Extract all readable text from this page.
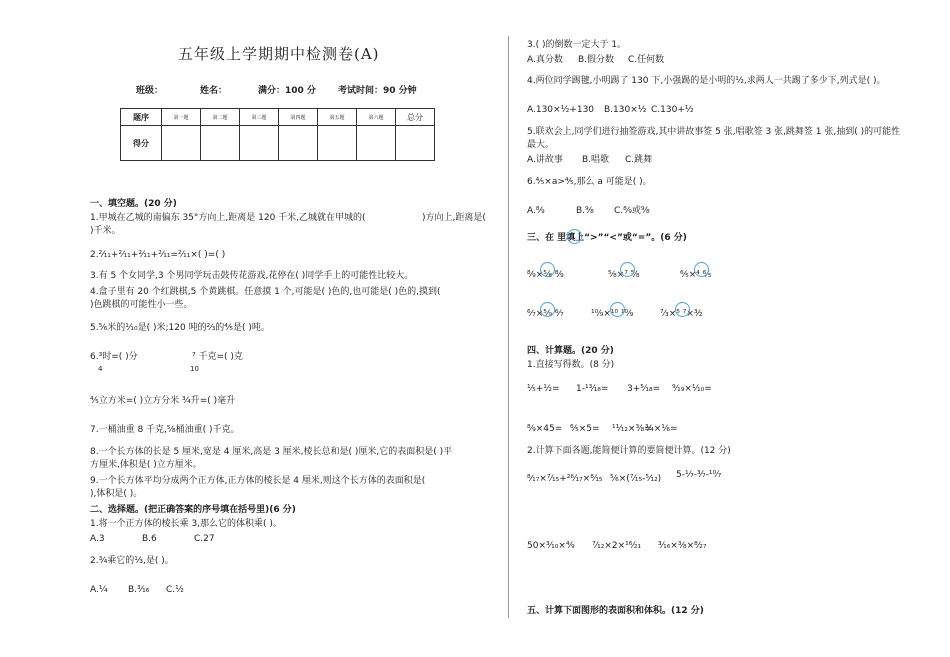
五年级上学期期中检测卷(A)
班级：	姓名：	满分：100 分 考试时间：90 分钟
题序	第一题	第二题	第三题	第四题	第五题	第六题	总分
得分							
一、填空题。(20 分)
1.甲城在乙城的南偏东 35°方向上,距离是 120 千米,乙城就在甲城的(	)方向上,距离是(
)千米。
2.²⁄₁₁+²⁄₁₁+²⁄₁₁+²⁄₁₁=²⁄₁₁×( )=( )
3.有 5 个女同学,3 个男同学玩击鼓传花游戏,花停在( )同学手上的可能性比较大。
4.盒子里有 20 个红跳棋,5 个黄跳棋。任意摸 1 个,可能是( )色的,也可能是( )色的,摸到(
)色跳棋的可能性小一些。
5.⁵⁄₆米的¹⁄₁₀是( )米;120 吨的²⁄₃的⁴⁄₅是( )吨。
6.³时=( )分
4
⁷ 千克=( )克
10
⁴⁄₅立方米=( )立方分米 ³⁄₄升=( )毫升
7.一桶油重 8 千克,⁵⁄₈桶油重( )千克。
8.一个长方体的长是 5 厘米,宽是 4 厘米,高是 3 厘米,棱长总和是( )厘米,它的表面积是( )平
方厘米,体积是( )立方厘米。
9.一个长方体平均分成两个正方体,正方体的棱长是 4 厘米,则这个长方体的表面积是(
),体积是( )。
二、选择题。(把正确答案的序号填在括号里)(6 分)
1.将一个正方体的棱长乘 3,那么它的体积乘( )。
A.3	B.6	C.27
2.³⁄₄乘它的¹⁄₃,是( )。
A.¹⁄₄ B.³⁄₁₆ C.¹⁄₂
3.( )的倒数一定大于 1。
A.真分数 B.假分数 C.任何数
4.两位同学踢毽,小明踢了 130 下,小强踢的是小明的¹⁄₂,求两人一共踢了多少下,列式是( )。
A.130×¹⁄₂+130 B.130×¹⁄₂ C.130+¹⁄₂
5.联欢会上,同学们进行抽签游戏,其中讲故事签 5 张,唱歌签 3 张,跳舞签 1 张,抽到( )的可能性
最大。
A.讲故事 B.唱歌 C.跳舞
6.⁴⁄₅×a>⁴⁄₅,那么 a 可能是( )。
A.⁸⁄₉	B.⁹⁄₈ C.⁸⁄₉或⁹⁄₈
三、在 里填上“>”“<”或“=”。(6 分)
⁸⁄₉×⁵⁄₈ ⁸⁄₉	⁵⁄₈×⁷ ⁵⁄₈	⁶⁄₅×⁴ ⁶⁄₅
⁶⁄₇×⁵⁄₉ ⁶⁄₇	¹⁰⁄₉×¹⁰ ¹⁰⁄₉	⁷⁄₃×⁵ ⁷×³⁄₂
四、计算题。(20 分)
1.直接写得数。(8 分)
¹⁄₅+¹⁄₂= 1-¹³⁄₁₈= 3+⁵⁄₁₈= ⁹⁄₁₉×¹⁄₁₀=
⁸⁄₉×45= ⁶⁄₅×5= ¹¹⁄₁₂×³⁄₈=
³⁄₄×¹⁄₆=
2.计算下面各题,能简便计算的要简便计算。(12 分)
⁸⁄₁₇×⁷⁄₁₅+²⁶⁄₁₇×⁸⁄₁₅ ⁵⁄₆×(⁷⁄₁₅-⁵⁄₁₂) 5-¹⁄₇-³⁄₇-¹⁰⁄₇
50×³⁄₁₀×⁴⁄₉ ⁷⁄₁₂×2×¹⁶⁄₂₁ ³⁄₁₆×³⁄₈×⁸⁄₂₇
五、计算下面图形的表面积和体积。(12 分)
